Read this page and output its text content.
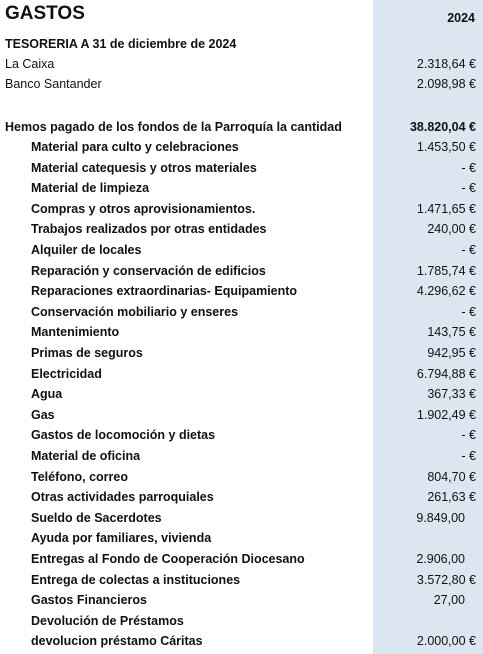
GASTOS	2024
TESORERIA A 31 de diciembre de 2024
La Caixa	2.318,64 €
Banco Santander	2.098,98 €
Hemos pagado de los fondos de la Parroquía la cantidad	38.820,04 €
Material para culto y celebraciones	1.453,50 €
Material catequesis y otros materiales	- €
Material de limpieza	- €
Compras y otros aprovisionamientos.	1.471,65 €
Trabajos realizados por otras entidades	240,00 €
Alquiler de locales	- €
Reparación y conservación de edificios	1.785,74 €
Reparaciones extraordinarias- Equipamiento	4.296,62 €
Conservación mobiliario y enseres	- €
Mantenimiento	143,75 €
Primas de seguros	942,95 €
Electricidad	6.794,88 €
Agua	367,33 €
Gas	1.902,49 €
Gastos de locomoción y dietas	- €
Material de oficina	- €
Teléfono, correo	804,70 €
Otras actividades parroquiales	261,63 €
Sueldo de Sacerdotes	9.849,00
Ayuda por familiares, vivienda
Entregas al Fondo de Cooperación Diocesano	2.906,00
Entrega de colectas a instituciones	3.572,80 €
Gastos Financieros	27,00
Devolución de Préstamos
devolucion préstamo Cáritas	2.000,00 €
